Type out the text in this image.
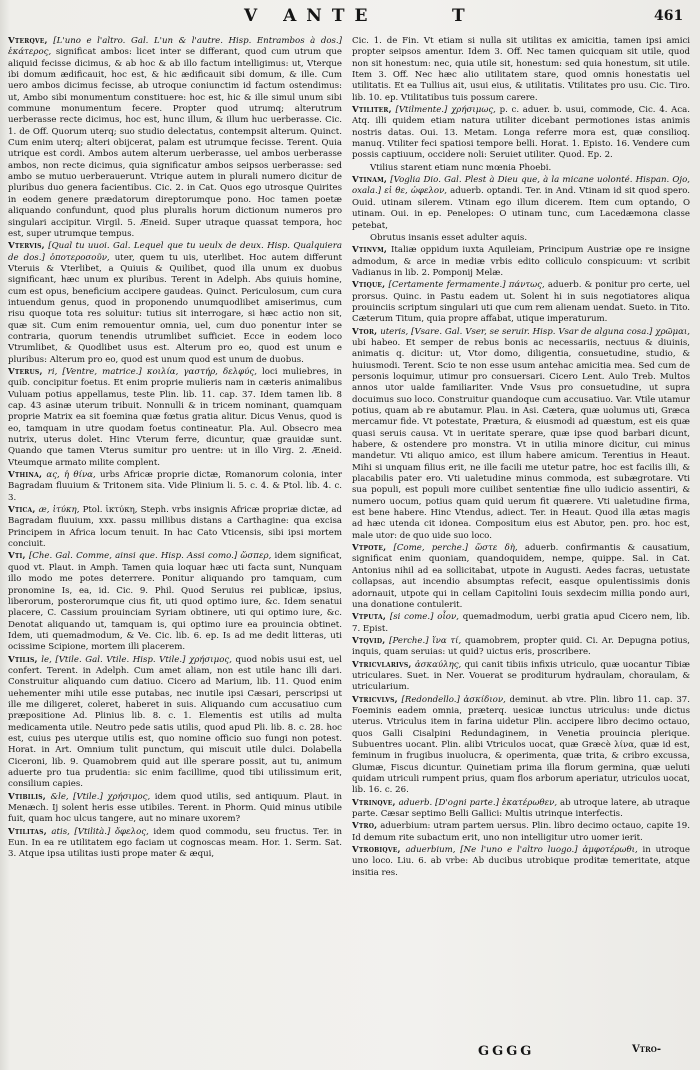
V ANTE	T	461

Vterqve, [L'uno e l'altro. Gal. L'un & l'autre. Hisp. Entrambos à dos.] ἑκάτερος, significat ambos: licet inter se differant, quod cum utrum que aliquid fecisse dicimus, & ab hoc & ab illo factum intelligimus: ut, Vterque ibi domum ædificauit, hoc est, & hic ædificauit sibi domum, & ille. Cum uero ambos dicimus fecisse, ab utroque coniunctim id factum ostendimus: ut, Ambo sibi monumentum constituere: hoc est, hic & ille simul unum sibi commune monumentum fecere. Propter quod utrumq; alterutrum uerberasse recte dicimus, hoc est, hunc illum, & illum huc uerberasse. Cic. 1. de Off. Quorum uterq; suo studio delectatus, contempsit alterum. Quinct. Cum enim uterq; alteri obijcerat, palam est utrumque fecisse. Terent. Quia utrique est cordi. Ambos autem alterum uerberasse, uel ambos uerberasse ambos, non recte dicimus, quia significatur ambos seipsos uerberasse: sed ambo se mutuo uerberauerunt. Vtrique autem in plurali numero dicitur de pluribus duo genera facientibus. Cic. 2. in Cat. Quos ego utrosque Quirites in eodem genere prædatorum direptorumque pono. Hoc tamen poetæ aliquando confundunt, quod plus pluralis horum dictionum numeros pro singulari accipitur. Virgil. 5. Æneid. Super utraque quassat tempora, hoc est, super utrumque tempus.

Vtervis, [Qual tu uuoi. Gal. Lequel que tu ueulx de deux. Hisp. Qualquiera de dos.] ὁποτεροσοῦν, uter, quem tu uis, uterlibet. Hoc autem differunt Vteruis & Vterlibet, a Quiuis & Quilibet, quod illa unum ex duobus significant, hæc unum ex pluribus. Terent in Adelph. Abs quiuis homine, cum est opus, beneficium accipere gaudeas. Quinct. Periculosum, cum cura intuendum genus, quod in proponendo unumquodlibet amiserimus, cum risu quoque tota res soluitur: tutius sit interrogare, si hæc actio non sit, quæ sit. Cum enim remouentur omnia, uel, cum duo ponentur inter se contraria, quorum tenendis utrumlibet sufficiet. Ecce in eodem loco Vtrumlibet, & Quodlibet usus est. Alterum pro eo, quod est unum e pluribus: Alterum pro eo, quod est unum quod est unum de duobus.

Vterus, ri, [Ventre, matrice.] κοιλία, γαστήρ, δελφύς, loci muliebres, in quib. concipitur foetus. Et enim proprie mulieris nam in cæteris animalibus Vuluam potius appellamus, teste Plin. lib. 11. cap. 37. Idem tamen lib. 8 cap. 43 asinæ uterum tribuit. Nonnulli & in tricem nominant, quamquam proprie Matrix ea sit foemina quæ fœtus gratia alitur. Dicus Venus, quod is eo, tamquam in utre quodam foetus contineatur. Pla. Aul. Obsecro mea nutrix, uterus dolet. Hinc Vterum ferre, dicuntur, quæ grauidæ sunt. Quando que tamen Vterus sumitur pro uentre: ut in illo Virg. 2. Æneid. Vteumque armato milite complent.

Vthina, ας, ἡ θίνα, urbs Africæ proprie dictæ, Romanorum colonia, inter Bagradam fluuium & Tritonem sita. Vide Plinium li. 5. c. 4. & Ptol. lib. 4. c. 3.

Vtica, æ, ἰτύκη, Ptol. ἰκτύκη, Steph. vrbs insignis Africæ propriæ dictæ, ad Bagradam fluuium, xxx. passu millibus distans a Carthagine: qua excisa Principem in Africa locum tenuit. In hac Cato Vticensis, sibi ipsi mortem conciuit.

Vti, [Che. Gal. Comme, ainsi que. Hisp. Assi como.] ὥσπερ, idem significat, quod vt. Plaut. in Amph. Tamen quia loquar hæc uti facta sunt, Nunquam illo modo me potes deterrere. Ponitur aliquando pro tamquam, cum pronomine Is, ea, id. Cic. 9. Phil. Quod Seruius rei publicæ, ipsius, liberorum, posterorumque cius fit, uti quod optimo iure, &c. Idem senatui placere, C. Cassium prouinciam Syriam obtinere, uti qui optimo iure, &c. Denotat aliquando ut, tamquam is, qui optimo iure ea prouincia obtinet. Idem, uti quemadmodum, & Ve. Cic. lib. 6. ep. Is ad me dedit litteras, uti ocissime Scipione, mortem illi placerem.

Vtilis, le, [Vtile. Gal. Vtile. Hisp. Vtile.] χρήσιμος, quod nobis usui est, uel confert. Terent. in Adelph. Cum amet aliam, non est utile hanc illi dari. Construitur aliquando cum datiuo. Cicero ad Marium, lib. 11. Quod enim uehementer mihi utile esse putabas, nec inutile ipsi Cæsari, perscripsi ut ille me diligeret, coleret, haberet in suis. Aliquando cum accusatiuo cum præpositione Ad. Plinius lib. 8. c. 1. Elementis est utilis ad multa medicamenta utile. Neutro pede satis utilis, quod apud Pli. lib. 8. c. 28. hoc est, cuius pes uterque utilis est, quo nomine officio suo fungi non potest. Horat. in Art. Omnium tulit punctum, qui miscuit utile dulci. Dolabella Ciceroni, lib. 9. Quamobrem quid aut ille sperare possit, aut tu, animum aduerte pro tua prudentia: sic enim facillime, quod tibi utilissimum erit, consilium capies.

Vtibilis, &le, [Vtile.] χρήσιμος, idem quod utilis, sed antiquum. Plaut. in Menæch. Ij solent heris esse utibiles. Terent. in Phorm. Quid minus utibile fuit, quam hoc ulcus tangere, aut no minare uxorem?

Vtilitas, atis, [Vtilità.] ὄφελος, idem quod commodu, seu fructus. Ter. in Eun. In ea re utilitatem ego faciam ut cognoscas meam. Hor. 1. Serm. Sat. 3. Atque ipsa utilitas iusti prope mater & æqui,

Cic. 1. de Fin. Vt etiam si nulla sit utilitas ex amicitia, tamen ipsi amici propter seipsos amentur. Idem 3. Off. Nec tamen quicquam sit utile, quod non sit honestum: nec, quia utile sit, honestum: sed quia honestum, sit utile. Item 3. Off. Nec hæc alio utilitatem stare, quod omnis honestatis uel utilitatis. Et ea Tullius ait, usui eius, & utilitatis. Vtilitates pro usu. Cic. Tiro. lib. 10. ep. Vtilitatibus tuis possum carere.

Vtiliter, [Vtilmente.] χρήσιμως, p. c. aduer. b. usui, commode, Cic. 4. Aca. Atq. illi quidem etiam natura utiliter dicebant permotiones istas animis nostris datas. Oui. 13. Metam. Longa referre mora est, quæ consilioq. manuq. Vtiliter feci spatiosi tempore belli. Horat. 1. Episto. 16. Vendere cum possis captiuum, occidere noli: Seruiet utiliter. Quod. Ep. 2.

Vtilius starent etiam nunc mœnia Phoebi.

Vtinam, [Voglia Dio. Gal. Plest à Dieu que, à la micane uolonté. Hispan. Ojo, oxala.] εἰ θε, ὠφελον, aduerb. optandi. Ter. in And. Vtinam id sit quod spero. Ouid. utinam silerem. Vtinam ego illum dicerem. Item cum optando, O utinam. Oui. in ep. Penelopes: O utinam tunc, cum Lacedæmona classe petebat,

Obrutus insanis esset adulter aquis.

Vtinvm, Italiæ oppidum iuxta Aquileiam, Principum Austriæ ope re insigne admodum, & arce in mediæ vrbis edito colliculo conspicuum: vt scribit Vadianus in lib. 2. Pomponij Melæ.

Vtique, [Certamente fermamente.] πάντως, aduerb. & ponitur pro certe, uel prorsus. Quinc. in Pastu eadem ut. Solent hi in suis negotiatores aliqua prouinciis scriptum singulari uti que cum rem alienam uendat. Sueto. in Tito. Cæterum Titum, quia propre affabat, utique imperaturum.

Vtor, uteris, [Vsare. Gal. Vser, se seruir. Hisp. Vsar de alguna cosa.] χρῶμαι, ubi habeo. Et semper de rebus bonis ac necessariis, nectuus & diuinis, animatis q. dicitur: ut, Vtor domo, diligentia, consuetudine, studio, & huiusmodi. Terent. Scio te non esse usum antehac amicitia mea. Sed cum de personis loquimur, utimur pro consuersari. Cicero Lent. Aulo Treb. Multos annos utor ualde familiariter. Vnde Vsus pro consuetudine, ut supra docuimus suo loco. Construitur quandoque cum accusatiuo. Var. Vtile utamur potius, quam ab re abutamur. Plau. in Asi. Cætera, quæ uolumus uti, Græca mercamur fide. Vt potestate, Prætura, & eiusmodi ad quæstum, est eis quæ quasi seruis causa. Vt in ueritate sperare, quæ ipse quod barbari dicunt, habere, & ostendere pro monstra. Vt in utilia minore dicitur, cui minus mandetur. Vti aliquo amico, est illum habere amicum. Terentius in Heaut. Mihi si unquam filius erit, ne ille facili me utetur patre, hoc est facilis illi, & placabilis pater ero. Vti ualetudine minus commoda, est subægrotare. Vti sua populi, est populi more cuilibet sententiæ fine ullo iudicio assentiri, & numero uocum, potius quam quid uerum fit quærere. Vti ualetudine firma, est bene habere. Hinc Vtendus, adiect. Ter. in Heaut. Quod illa ætas magis ad hæc utenda cit idonea. Compositum eius est Abutor, pen. pro. hoc est, male utor: de quo uide suo loco.

Vtpote, [Come, perche.] ὥστε δὴ, aduerb. confirmantis & causatium, significat enim quoniam, quandoquidem, nempe, quippe. Sal. in Cat. Antonius nihil ad ea sollicitabat, utpote in Augusti. Aedes facras, uetustate collapsas, aut incendio absumptas refecit, easque opulentissimis donis adornauit, utpote qui in cellam Capitolini Iouis sexdecim millia pondo auri, una donatione contulerit.

Vtputa, [si come.] οἷον, quemadmodum, uerbi gratia apud Cicero nem, lib. 7. Epist.

Vtqvid, [Perche.] ἵνα τί, quamobrem, propter quid. Ci. Ar. Depugna potius, inquis, quam seruias: ut quid? uictus eris, proscribere.

Vtricvlarivs, ἀσκαύλης, qui canit tibiis infixis utriculo, quæ uocantur Tibiæ utriculares. Suet. in Ner. Vouerat se proditurum hydraulam, choraulam, & utricularium.

Vtricvlvs, [Redondello.] ἀσκίδιον, deminut. ab vtre. Plin. libro 11. cap. 37. Foeminis eadem omnia, præterq. uesicæ iunctus utriculus: unde dictus uterus. Vtriculus item in farina uidetur Plin. accipere libro decimo octauo, quos Galli Cisalpini Redundaginem, in Venetia prouincia plerique. Subuentres uocant. Plin. alibi Vtriculos uocat, quæ Græcè λίνα, quæ id est, feminum in frugibus inuolucra, & operimenta, quæ trita, & cribro excussa, Glumæ, Fiscus dicuntur. Quinetiam prima illa florum germina, quæ ueluti quidam utriculi rumpent prius, quam flos arborum aperiatur, utriculos uocat, lib. 16. c. 26.

Vtrinqve, aduerb. [D'ogni parte.] ἑκατέρωθεν, ab utroque latere, ab utraque parte. Cæsar septimo Belli Gallici: Multis utrinque interfectis.

Vtro, aduerbium: utram partem uersus. Plin. libro decimo octauo, capite 19. Id demum rite subactum erit, uno non intelligitur utro uomer ierit.

Vtrobiqve, aduerbium, [Ne l'uno e l'altro luogo.] ἀμφοτέρωθι, in utroque uno loco. Liu. 6. ab vrbe: Ab ducibus utrobique proditæ temeritate, atque insitia res.

GGGG	Vtro-
